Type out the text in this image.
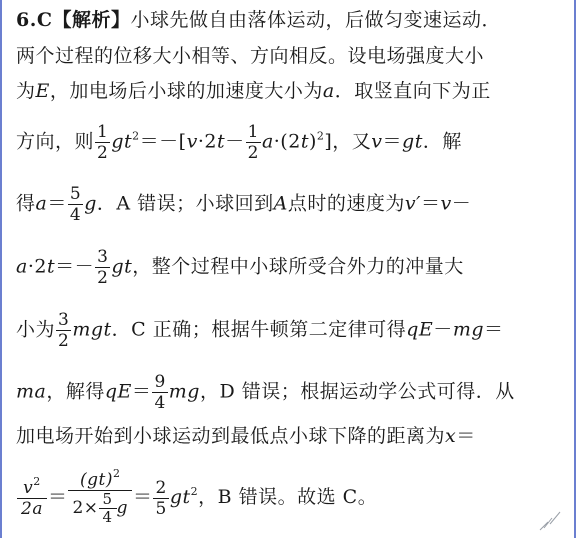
6.C【解析】小球先做自由落体运动，后做匀变速运动．
两个过程的位移大小相等、方向相反。设电场强度大小
为E，加电场后小球的加速度大小为a．取竖直向下为正
方向，则 $\frac{1}{2} gt^2=-[v\cdot 2t- \frac{1}{2} a\cdot(2t)^2]$，又v＝gt．解
得$a= \frac{5}{4}$ g．A 错误；小球回到A点时的速度为v′＝v－
$a\cdot 2t=- \frac{3}{2}$ gt，整个过程中小球所受合外力的冲量大
小为 $\frac{3}{2}$ mgt．C 正确；根据牛顿第二定律可得qE－mg＝
ma，解得$qE= \frac{9}{4}$ mg，D 错误；根据运动学公式可得．从
加电场开始到小球运动到最低点小球下降的距离为x＝
$\frac{v^2}{2a} = \frac{(gt)^2}{2\times \frac{5}{4} g} = \frac{2}{5} gt^2$，B 错误。故选 C。
